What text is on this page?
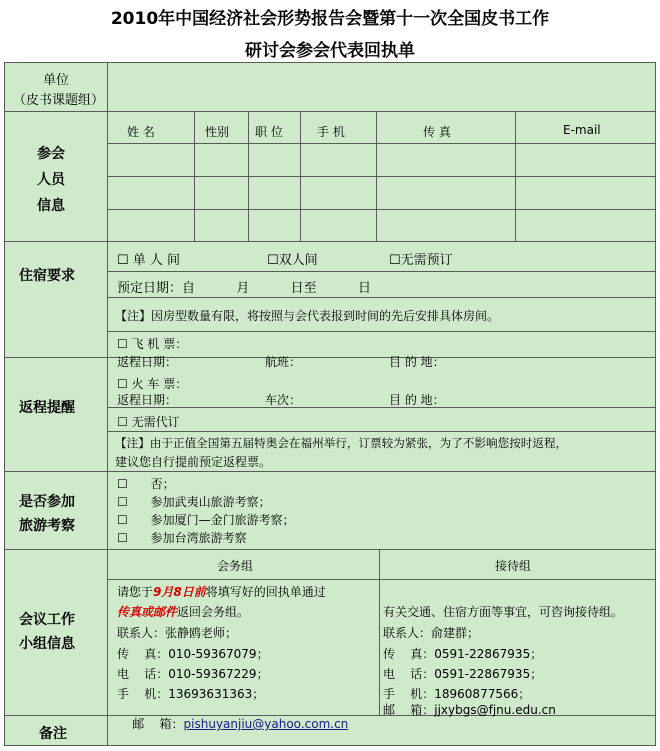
2010年中国经济社会形势报告会暨第十一次全国皮书工作
研讨会参会代表回执单
单位
（皮书课题组）
参会
人员
信息
姓 名	性别 职 位	手 机	传 真	E-mail
住宿要求
☐ 单 人 间	☐双人间	☐无需预订
预定日期：自          月          日至          日
【注】因房型数量有限，将按照与会代表报到时间的先后安排具体房间。
返程提醒
☐ 飞 机 票：
返程日期：	航班：	目 的 地：
☐ 火 车 票：
返程日期：	车次：	目 的 地：
☐ 无需代订
【注】由于正值全国第五届特奥会在福州举行，订票较为紧张，为了不影响您按时返程，
建议您自行提前预定返程票。
是否参加
旅游考察
☐      否；
☐      参加武夷山旅游考察；
☐      参加厦门—金门旅游考察；
☐      参加台湾旅游考察
会议工作
小组信息
会务组	接待组
请您于9月8日前将填写好的回执单通过
传真或邮件返回会务组。
联系人：张静鸥老师；
传    真：010-59367079；
电    话：010-59367229；
手    机：13693631363；

邮    箱：pishuyanjiu@yahoo.com.cn

有关交通、住宿方面等事宜，可咨询接待组。
联系人：俞建群；
传    真：0591-22867935；
电    话：0591-22867935；
手    机：18960877566；
邮    箱：jjxybgs@fjnu.edu.cn
备注
